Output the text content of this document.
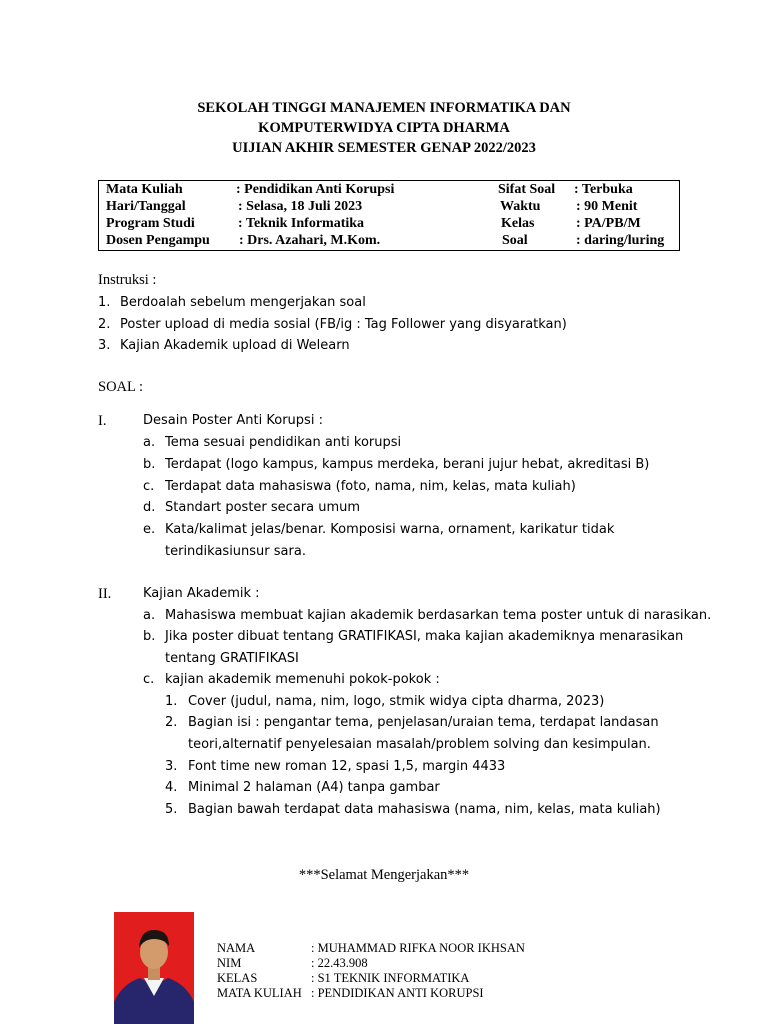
SEKOLAH TINGGI MANAJEMEN INFORMATIKA DAN
KOMPUTERWIDYA CIPTA DHARMA
UIJIAN AKHIR SEMESTER GENAP 2022/2023
Mata Kuliah	: Pendidikan Anti Korupsi	Sifat Soal : Terbuka
Hari/Tanggal	: Selasa, 18 Juli 2023	Waktu	: 90 Menit
Program Studi	: Teknik Informatika	Kelas	: PA/PB/M
Dosen Pengampu : Drs. Azahari, M.Kom.	Soal	: daring/luring
Instruksi :
1. Berdoalah sebelum mengerjakan soal
2. Poster upload di media sosial (FB/ig : Tag Follower yang disyaratkan)
3. Kajian Akademik upload di Welearn
SOAL :
I.	Desain Poster Anti Korupsi :
a. Tema sesuai pendidikan anti korupsi
b. Terdapat (logo kampus, kampus merdeka, berani jujur hebat, akreditasi B)
c. Terdapat data mahasiswa (foto, nama, nim, kelas, mata kuliah)
d. Standart poster secara umum
e. Kata/kalimat jelas/benar. Komposisi warna, ornament, karikatur tidak
terindikasiunsur sara.
II. Kajian Akademik :
a. Mahasiswa membuat kajian akademik berdasarkan tema poster untuk di narasikan.
b. Jika poster dibuat tentang GRATIFIKASI, maka kajian akademiknya menarasikan
tentang GRATIFIKASI
c. kajian akademik memenuhi pokok-pokok :
1. Cover (judul, nama, nim, logo, stmik widya cipta dharma, 2023)
2. Bagian isi : pengantar tema, penjelasan/uraian tema, terdapat landasan
teori,alternatif penyelesaian masalah/problem solving dan kesimpulan.
3. Font time new roman 12, spasi 1,5, margin 4433
4. Minimal 2 halaman (A4) tanpa gambar
5. Bagian bawah terdapat data mahasiswa (nama, nim, kelas, mata kuliah)
***Selamat Mengerjakan***
NAMA	: MUHAMMAD RIFKA NOOR IKHSAN
NIM	: 22.43.908
KELAS	: S1 TEKNIK INFORMATIKA
MATA KULIAH : PENDIDIKAN ANTI KORUPSI
